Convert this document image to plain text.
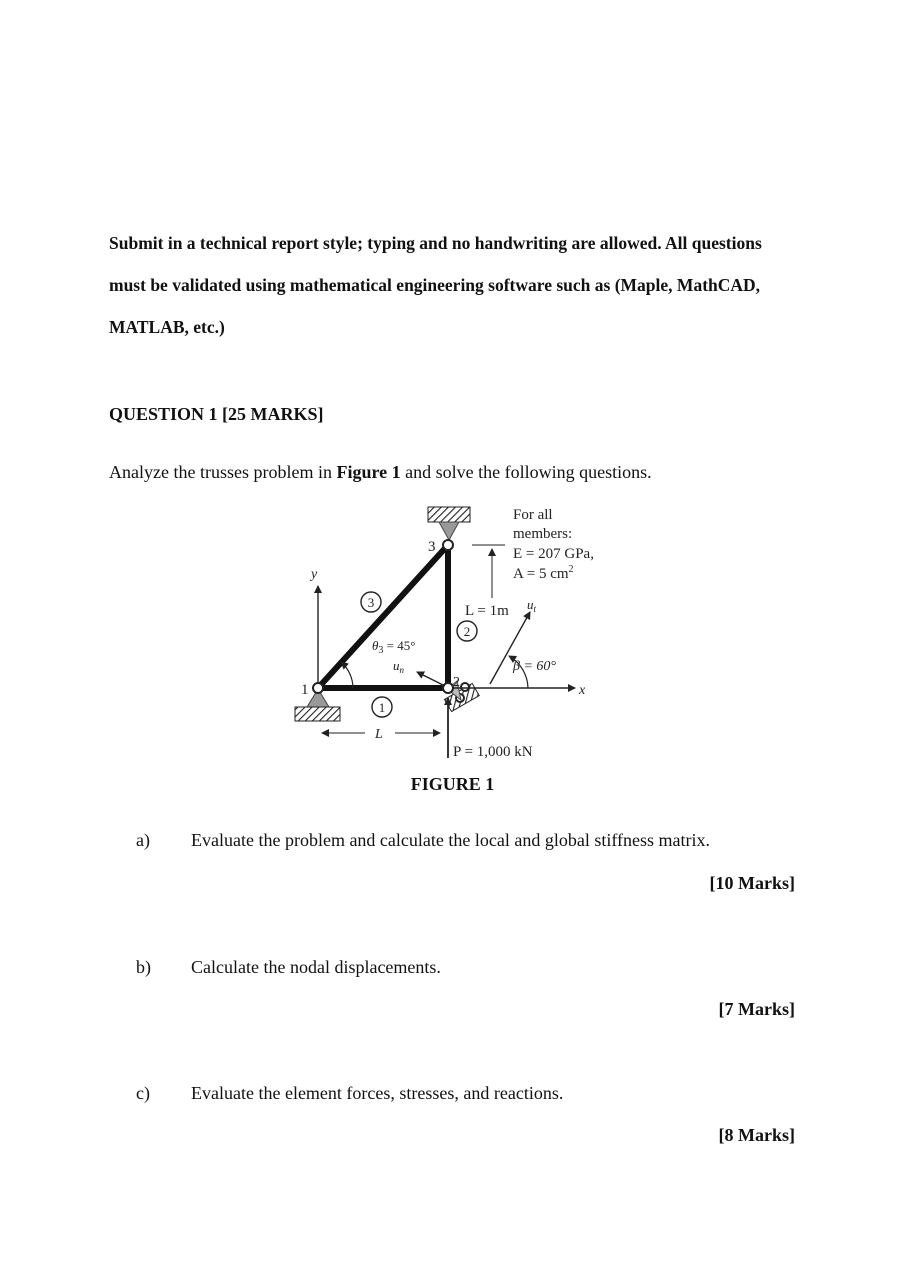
Submit in a technical report style; typing and no handwriting are allowed. All questions
must be validated using mathematical engineering software such as (Maple, MathCAD,
MATLAB, etc.)
QUESTION 1 [25 MARKS]
Analyze the trusses problem in Figure 1 and solve the following questions.
y
x
1	2
3
1
2
3
$\theta_3 = 45^\circ$
$u_n$
$u_t$
β = 60°
L = 1m
L
P = 1,000 kN
For all
members:
E = 207 GPa,
A = 5 $cm^2$
FIGURE 1
a) Evaluate the problem and calculate the local and global stiffness matrix.
[10 Marks]
b) Calculate the nodal displacements.
[7 Marks]
c) Evaluate the element forces, stresses, and reactions.
[8 Marks]
